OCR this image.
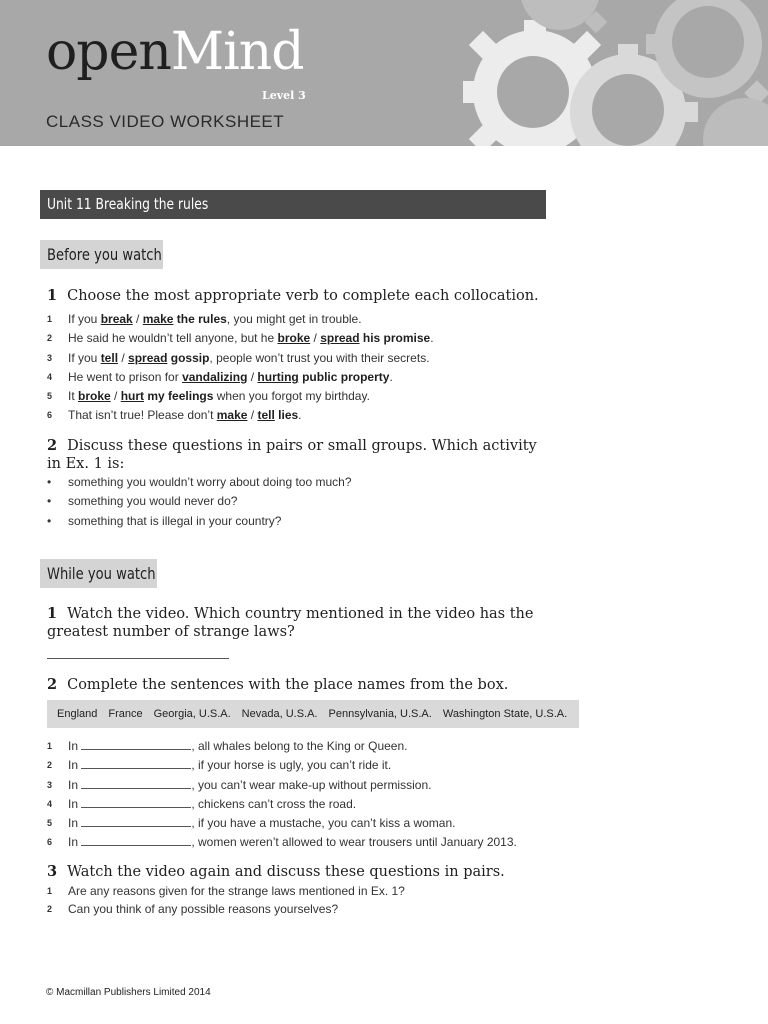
openMind
Level 3
CLASS VIDEO WORKSHEET
Unit 11 Breaking the rules
Before you watch
1 Choose the most appropriate verb to complete each collocation.
1 If you break / make the rules, you might get in trouble.
2 He said he wouldn’t tell anyone, but he broke / spread his promise.
3 If you tell / spread gossip, people won’t trust you with their secrets.
4 He went to prison for vandalizing / hurting public property.
5 It broke / hurt my feelings when you forgot my birthday.
6 That isn’t true! Please don’t make / tell lies.
2 Discuss these questions in pairs or small groups. Which activity
in Ex. 1 is:
• something you wouldn’t worry about doing too much?
• something you would never do?
• something that is illegal in your country?
While you watch
1 Watch the video. Which country mentioned in the video has the
greatest number of strange laws?
2 Complete the sentences with the place names from the box.
England France Georgia, U.S.A. Nevada, U.S.A. Pennsylvania, U.S.A. Washington State, U.S.A.
1 In	, all whales belong to the King or Queen.
2 In	, if your horse is ugly, you can’t ride it.
3 In	, you can’t wear make-up without permission.
4 In	, chickens can’t cross the road.
5 In	, if you have a mustache, you can’t kiss a woman.
6 In	, women weren’t allowed to wear trousers until January 2013.
3 Watch the video again and discuss these questions in pairs.
1 Are any reasons given for the strange laws mentioned in Ex. 1?
2 Can you think of any possible reasons yourselves?
© Macmillan Publishers Limited 2014
